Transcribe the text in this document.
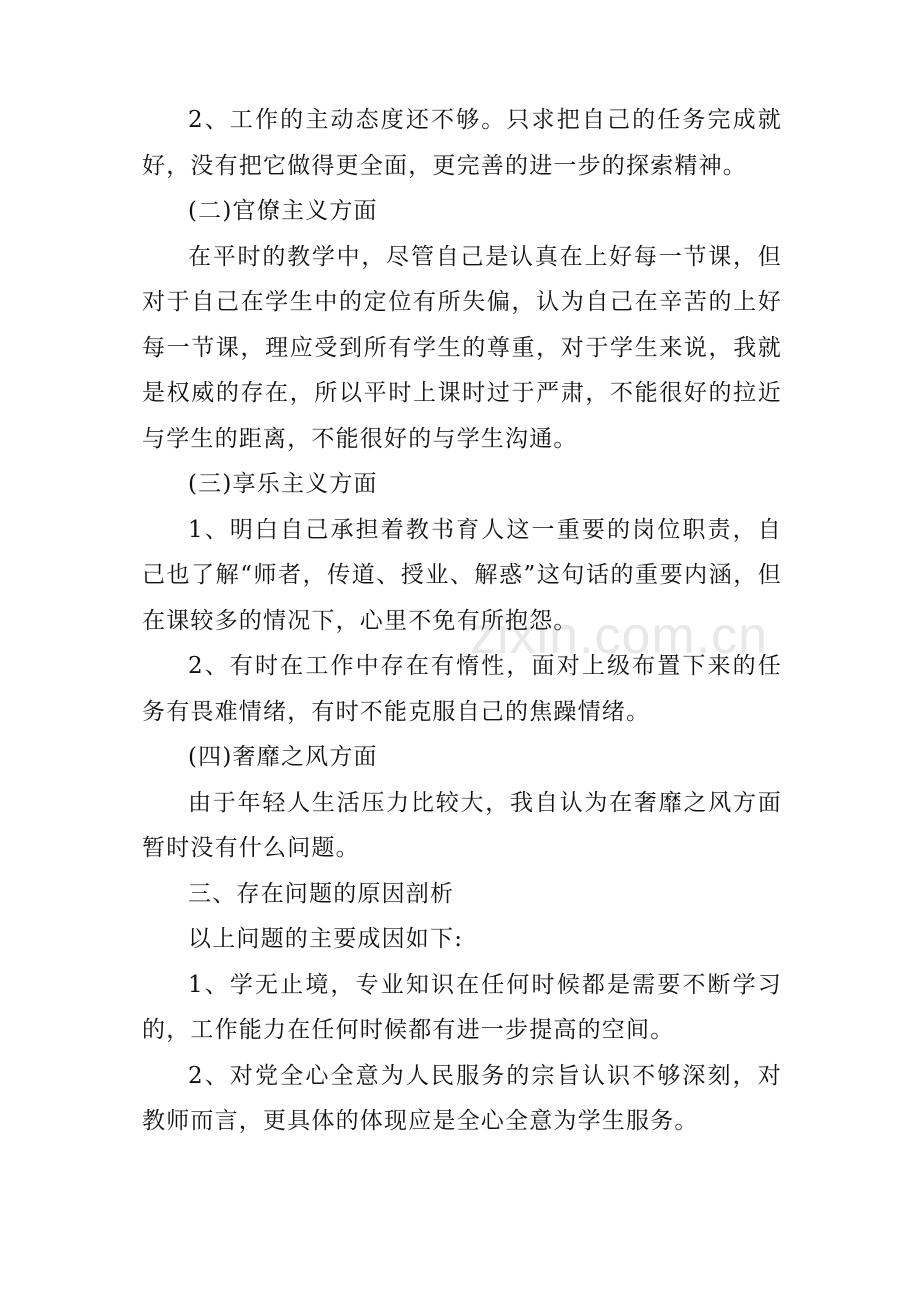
zixin.com.cn

2、工作的主动态度还不够。只求把自己的任务完成就好，没有把它做得更全面，更完善的进一步的探索精神。

(二)官僚主义方面

在平时的教学中，尽管自己是认真在上好每一节课，但对于自己在学生中的定位有所失偏，认为自己在辛苦的上好每一节课，理应受到所有学生的尊重，对于学生来说，我就是权威的存在，所以平时上课时过于严肃，不能很好的拉近与学生的距离，不能很好的与学生沟通。

(三)享乐主义方面

1、明白自己承担着教书育人这一重要的岗位职责，自己也了解“师者，传道、授业、解惑”这句话的重要内涵，但在课较多的情况下，心里不免有所抱怨。

2、有时在工作中存在有惰性，面对上级布置下来的任务有畏难情绪，有时不能克服自己的焦躁情绪。

(四)奢靡之风方面

由于年轻人生活压力比较大，我自认为在奢靡之风方面暂时没有什么问题。

三、存在问题的原因剖析

以上问题的主要成因如下:

1、学无止境，专业知识在任何时候都是需要不断学习的，工作能力在任何时候都有进一步提高的空间。

2、对党全心全意为人民服务的宗旨认识不够深刻，对教师而言，更具体的体现应是全心全意为学生服务。
